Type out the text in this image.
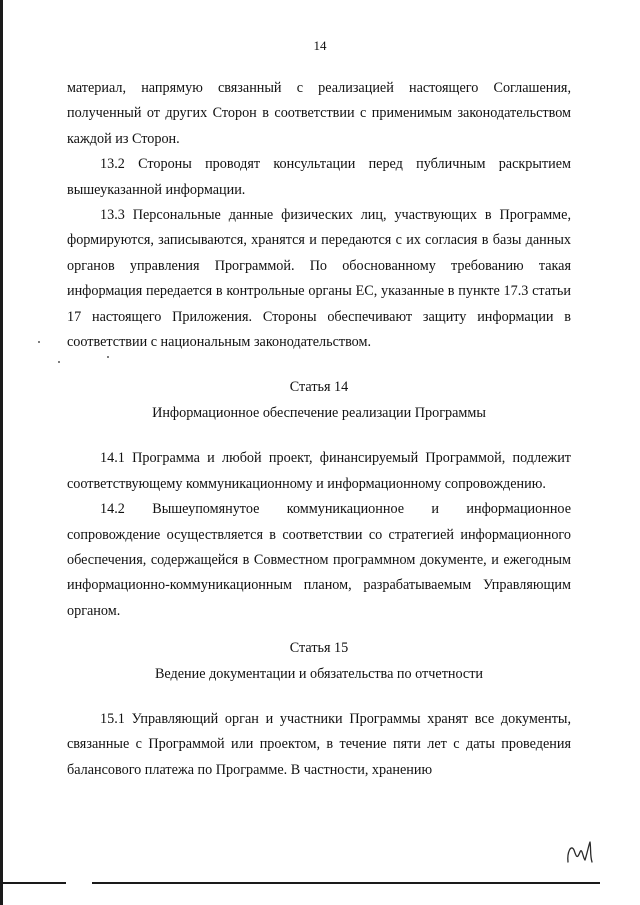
14

материал, напрямую связанный с реализацией настоящего Соглашения, полученный от других Сторон в соответствии с применимым законодательством каждой из Сторон.

13.2 Стороны проводят консультации перед публичным раскрытием вышеуказанной информации.

13.3 Персональные данные физических лиц, участвующих в Программе, формируются, записываются, хранятся и передаются с их согласия в базы данных органов управления Программой. По обоснованному требованию такая информация передается в контрольные органы ЕС, указанные в пункте 17.3 статьи 17 настоящего Приложения. Стороны обеспечивают защиту информации в соответствии с национальным законодательством.

Статья 14

Информационное обеспечение реализации Программы

14.1 Программа и любой проект, финансируемый Программой, подлежит соответствующему коммуникационному и информационному сопровождению.

14.2 Вышеупомянутое коммуникационное и информационное сопровождение осуществляется в соответствии со стратегией информационного обеспечения, содержащейся в Совместном программном документе, и ежегодным информационно-коммуникационным планом, разрабатываемым Управляющим органом.

Статья 15

Ведение документации и обязательства по отчетности

15.1 Управляющий орган и участники Программы хранят все документы, связанные с Программой или проектом, в течение пяти лет с даты проведения балансового платежа по Программе. В частности, хранению
